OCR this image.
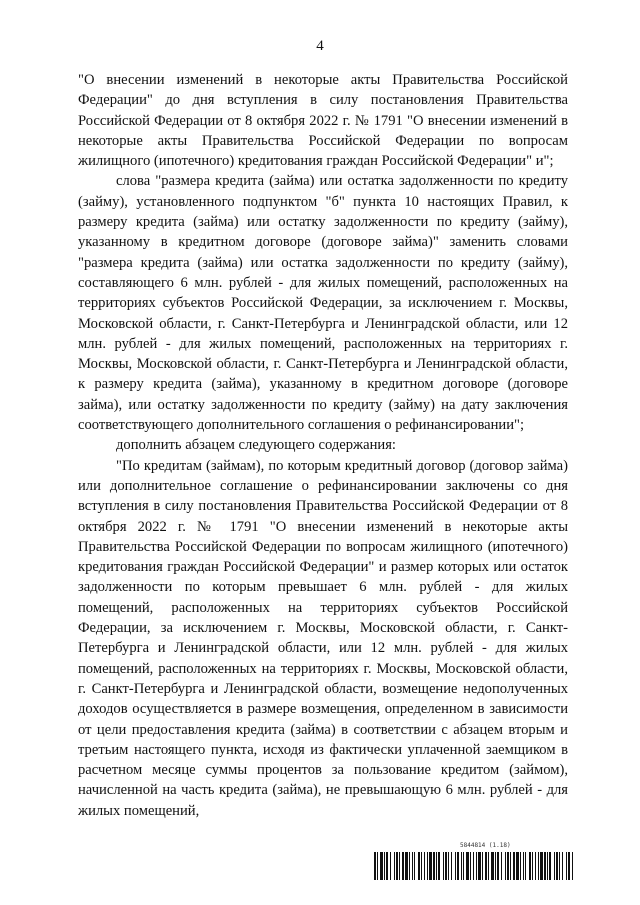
4

"О внесении изменений в некоторые акты Правительства Российской Федерации" до дня вступления в силу постановления Правительства Российской Федерации от 8 октября 2022 г. № 1791 "О внесении изменений в некоторые акты Правительства Российской Федерации по вопросам жилищного (ипотечного) кредитования граждан Российской Федерации" и";

слова "размера кредита (займа) или остатка задолженности по кредиту (займу), установленного подпунктом "б" пункта 10 настоящих Правил, к размеру кредита (займа) или остатку задолженности по кредиту (займу), указанному в кредитном договоре (договоре займа)" заменить словами "размера кредита (займа) или остатка задолженности по кредиту (займу), составляющего 6 млн. рублей - для жилых помещений, расположенных на территориях субъектов Российской Федерации, за исключением г. Москвы, Московской области, г. Санкт-Петербурга и Ленинградской области, или 12 млн. рублей - для жилых помещений, расположенных на территориях г. Москвы, Московской области, г. Санкт-Петербурга и Ленинградской области, к размеру кредита (займа), указанному в кредитном договоре (договоре займа), или остатку задолженности по кредиту (займу) на дату заключения соответствующего дополнительного соглашения о рефинансировании";

дополнить абзацем следующего содержания:

"По кредитам (займам), по которым кредитный договор (договор займа) или дополнительное соглашение о рефинансировании заключены со дня вступления в силу постановления Правительства Российской Федерации от 8 октября 2022 г. № 1791 "О внесении изменений в некоторые акты Правительства Российской Федерации по вопросам жилищного (ипотечного) кредитования граждан Российской Федерации" и размер которых или остаток задолженности по которым превышает 6 млн. рублей - для жилых помещений, расположенных на территориях субъектов Российской Федерации, за исключением г. Москвы, Московской области, г. Санкт-Петербурга и Ленинградской области, или 12 млн. рублей - для жилых помещений, расположенных на территориях г. Москвы, Московской области, г. Санкт-Петербурга и Ленинградской области, возмещение недополученных доходов осуществляется в размере возмещения, определенном в зависимости от цели предоставления кредита (займа) в соответствии с абзацем вторым и третьим настоящего пункта, исходя из фактически уплаченной заемщиком в расчетном месяце суммы процентов за пользование кредитом (займом), начисленной на часть кредита (займа), не превышающую 6 млн. рублей - для жилых помещений,

5844814 (1.18)
